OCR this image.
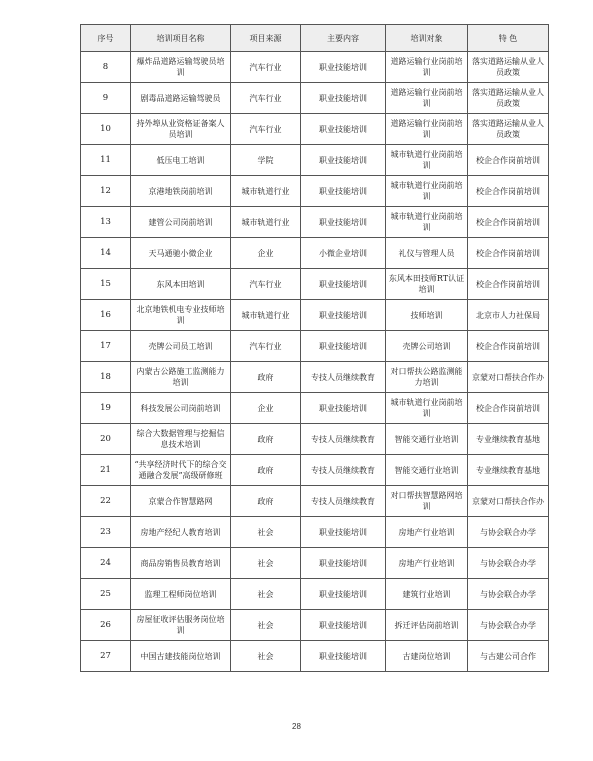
序号	培训项目名称	项目来源	主要内容	培训对象	特 色
8	爆炸品道路运输驾驶员培训	汽车行业	职业技能培训	道路运输行业岗前培训	落实道路运输从业人员政策
9	剧毒品道路运输驾驶员	汽车行业	职业技能培训	道路运输行业岗前培训	落实道路运输从业人员政策
10	持外埠从业资格证备案人员培训	汽车行业	职业技能培训	道路运输行业岗前培训	落实道路运输从业人员政策
11	低压电工培训	学院	职业技能培训	城市轨道行业岗前培训	校企合作岗前培训
12	京港地铁岗前培训	城市轨道行业	职业技能培训	城市轨道行业岗前培训	校企合作岗前培训
13	建管公司岗前培训	城市轨道行业	职业技能培训	城市轨道行业岗前培训	校企合作岗前培训
14	天马通驰小微企业	企业	小微企业培训	礼仪与管理人员	校企合作岗前培训
15	东风本田培训	汽车行业	职业技能培训	东风本田技师RT认证培训	校企合作岗前培训
16	北京地铁机电专业技师培训	城市轨道行业	职业技能培训	技师培训	北京市人力社保局
17	壳牌公司员工培训	汽车行业	职业技能培训	壳牌公司培训	校企合作岗前培训
18	内蒙古公路施工监测能力培训	政府	专技人员继续教育	对口帮扶公路监测能力培训	京蒙对口帮扶合作办
19	科技发展公司岗前培训	企业	职业技能培训	城市轨道行业岗前培训	校企合作岗前培训
20	综合大数据管理与挖掘信息技术培训	政府	专技人员继续教育	智能交通行业培训	专业继续教育基地
21	“共享经济时代下的综合交通融合发展”高级研修班	政府	专技人员继续教育	智能交通行业培训	专业继续教育基地
22	京蒙合作智慧路网	政府	专技人员继续教育	对口帮扶智慧路网培训	京蒙对口帮扶合作办
23	房地产经纪人教育培训	社会	职业技能培训	房地产行业培训	与协会联合办学
24	商品房销售员教育培训	社会	职业技能培训	房地产行业培训	与协会联合办学
25	监理工程师岗位培训	社会	职业技能培训	建筑行业培训	与协会联合办学
26	房屋征收评估服务岗位培训	社会	职业技能培训	拆迁评估岗前培训	与协会联合办学
27	中国古建技能岗位培训	社会	职业技能培训	古建岗位培训	与古建公司合作
28
